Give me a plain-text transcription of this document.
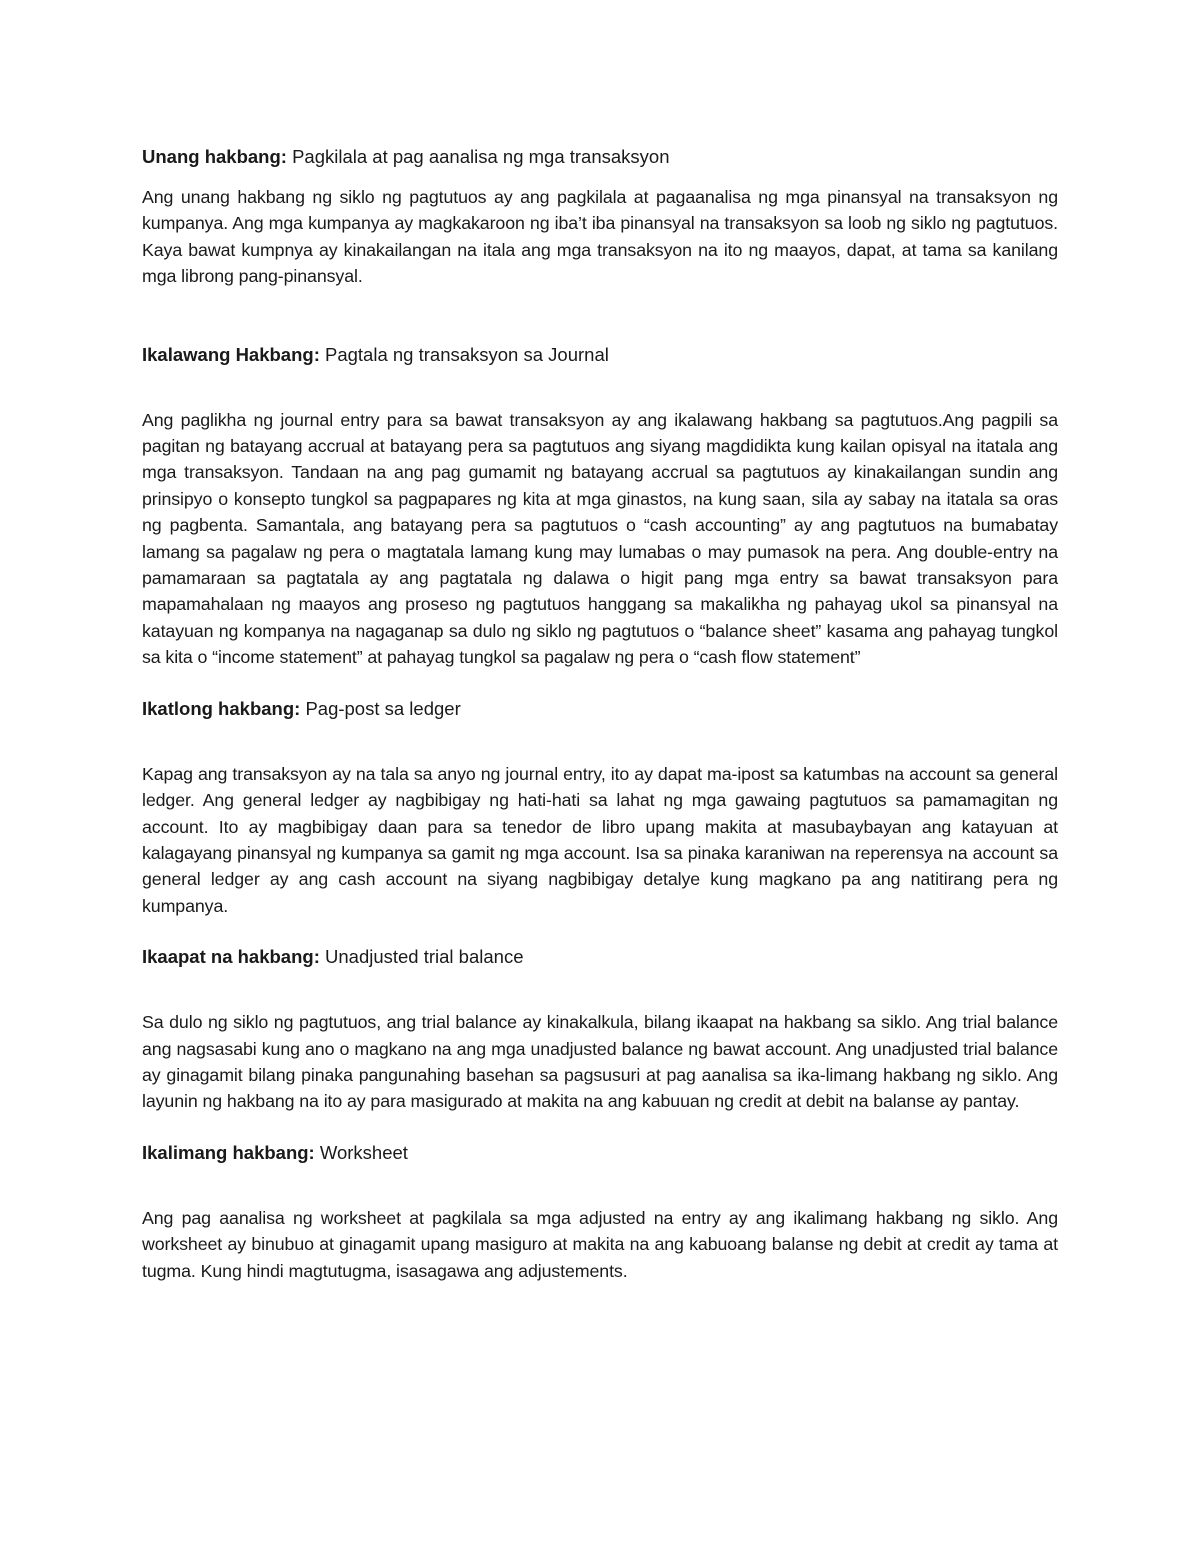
Unang hakbang: Pagkilala at pag aanalisa ng mga transaksyon

Ang unang hakbang ng siklo ng pagtutuos ay ang pagkilala at pagaanalisa ng mga pinansyal na transaksyon ng kumpanya. Ang mga kumpanya ay magkakaroon ng iba’t iba pinansyal na transaksyon sa loob ng siklo ng pagtutuos. Kaya bawat kumpnya ay kinakailangan na itala ang mga transaksyon na ito ng maayos, dapat, at tama sa kanilang mga librong pang-pinansyal.

Ikalawang Hakbang: Pagtala ng transaksyon sa Journal

Ang paglikha ng journal entry para sa bawat transaksyon ay ang ikalawang hakbang sa pagtutuos.Ang pagpili sa pagitan ng batayang accrual at batayang pera sa pagtutuos ang siyang magdidikta kung kailan opisyal na itatala ang mga transaksyon. Tandaan na ang pag gumamit ng batayang accrual sa pagtutuos ay kinakailangan sundin ang prinsipyo o konsepto tungkol sa pagpapares ng kita at mga ginastos, na kung saan, sila ay sabay na itatala sa oras ng pagbenta. Samantala, ang batayang pera sa pagtutuos o “cash accounting” ay ang pagtutuos na bumabatay lamang sa pagalaw ng pera o magtatala lamang kung may lumabas o may pumasok na pera. Ang double-entry na pamamaraan sa pagtatala ay ang pagtatala ng dalawa o higit pang mga entry sa bawat transaksyon para mapamahalaan ng maayos ang proseso ng pagtutuos hanggang sa makalikha ng pahayag ukol sa pinansyal na katayuan ng kompanya na nagaganap sa dulo ng siklo ng pagtutuos o “balance sheet” kasama ang pahayag tungkol sa kita o “income statement” at pahayag tungkol sa pagalaw ng pera o “cash flow statement”

Ikatlong hakbang: Pag-post sa ledger

Kapag ang transaksyon ay na tala sa anyo ng journal entry, ito ay dapat ma-ipost sa katumbas na account sa general ledger. Ang general ledger ay nagbibigay ng hati-hati sa lahat ng mga gawaing pagtutuos sa pamamagitan ng account. Ito ay magbibigay daan para sa tenedor de libro upang makita at masubaybayan ang katayuan at kalagayang pinansyal ng kumpanya sa gamit ng mga account. Isa sa pinaka karaniwan na reperensya na account sa general ledger ay ang cash account na siyang nagbibigay detalye kung magkano pa ang natitirang pera ng kumpanya.

Ikaapat na hakbang: Unadjusted trial balance

Sa dulo ng siklo ng pagtutuos, ang trial balance ay kinakalkula, bilang ikaapat na hakbang sa siklo. Ang trial balance ang nagsasabi kung ano o magkano na ang mga unadjusted balance ng bawat account. Ang unadjusted trial balance ay ginagamit bilang pinaka pangunahing basehan sa pagsusuri at pag aanalisa sa ika-limang hakbang ng siklo. Ang layunin ng hakbang na ito ay para masigurado at makita na ang kabuuan ng credit at debit na balanse ay pantay.

Ikalimang hakbang: Worksheet

Ang pag aanalisa ng worksheet at pagkilala sa mga adjusted na entry ay ang ikalimang hakbang ng siklo. Ang worksheet ay binubuo at ginagamit upang masiguro at makita na ang kabuoang balanse ng debit at credit ay tama at tugma. Kung hindi magtutugma, isasagawa ang adjustements.
